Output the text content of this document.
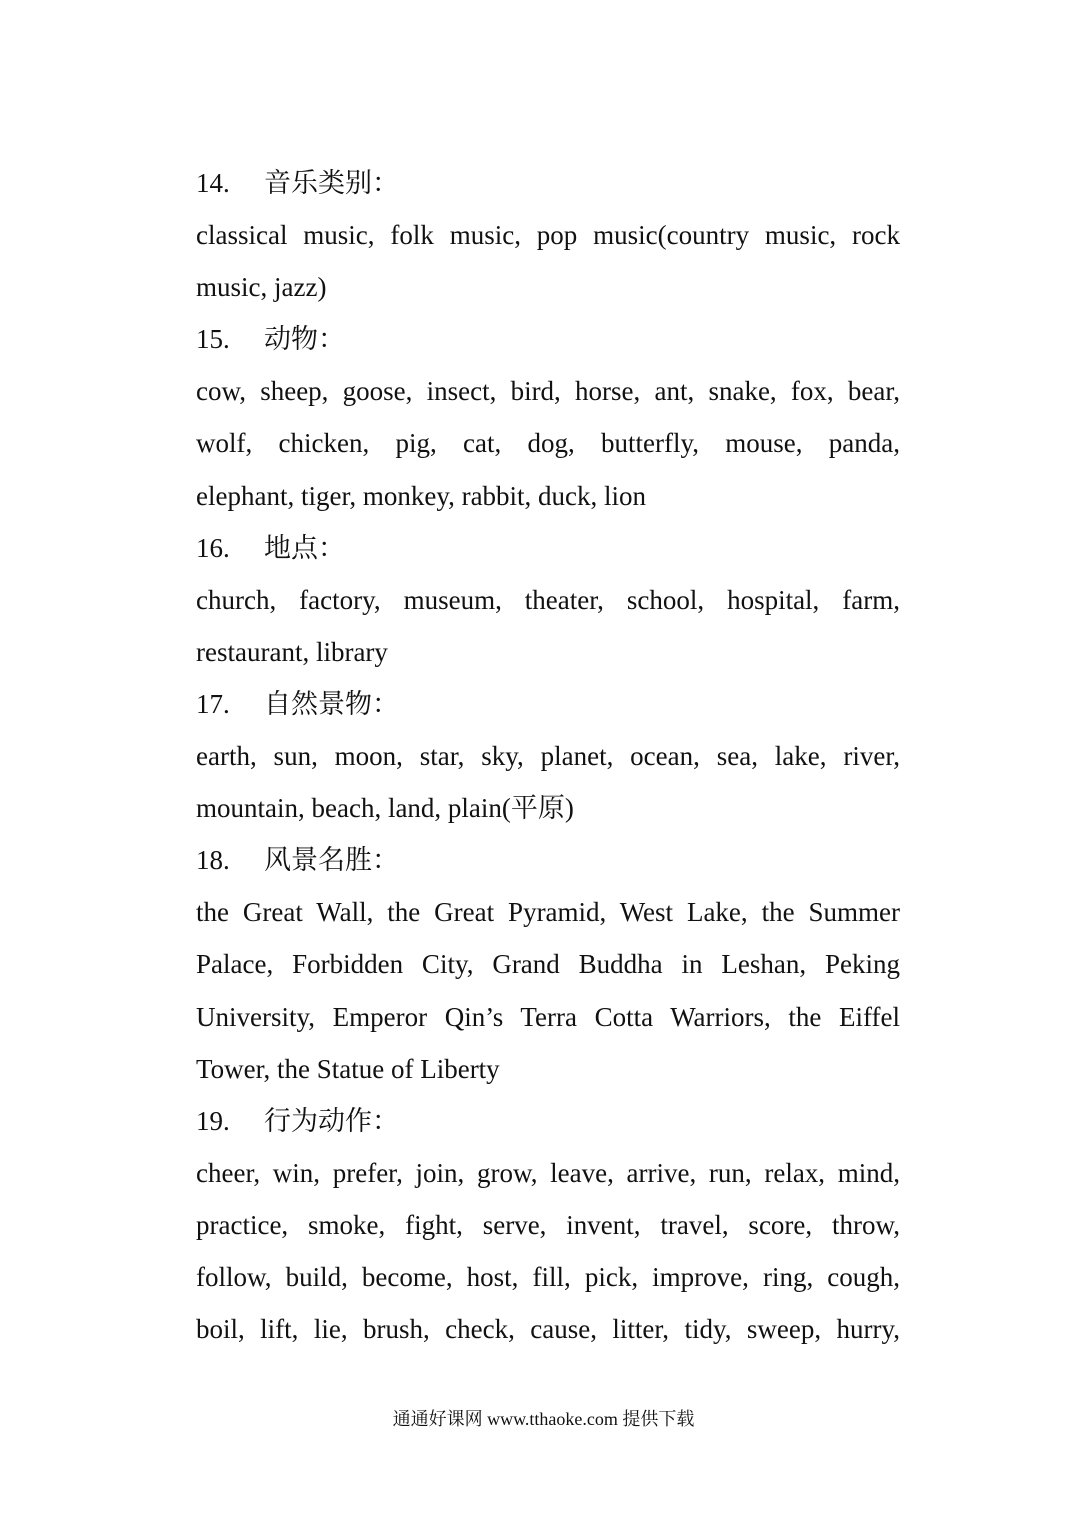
14.	音乐类别：
classical music, folk music, pop music(country music, rock
music, jazz)
15.	动物：
cow, sheep, goose, insect, bird, horse, ant, snake, fox, bear,
wolf, chicken, pig, cat, dog, butterfly, mouse, panda,
elephant, tiger, monkey, rabbit, duck, lion
16.	地点：
church, factory, museum, theater, school, hospital, farm,
restaurant, library
17.	自然景物：
earth, sun, moon, star, sky, planet, ocean, sea, lake, river,
mountain, beach, land, plain(平原)
18.	风景名胜：
the Great Wall, the Great Pyramid, West Lake, the Summer
Palace, Forbidden City, Grand Buddha in Leshan, Peking
University, Emperor Qin’s Terra Cotta Warriors, the Eiffel
Tower, the Statue of Liberty
19.	行为动作：
cheer, win, prefer, join, grow, leave, arrive, run, relax, mind,
practice, smoke, fight, serve, invent, travel, score, throw,
follow, build, become, host, fill, pick, improve, ring, cough,
boil, lift, lie, brush, check, cause, litter, tidy, sweep, hurry,
通通好课网 www.tthaoke.com 提供下载
